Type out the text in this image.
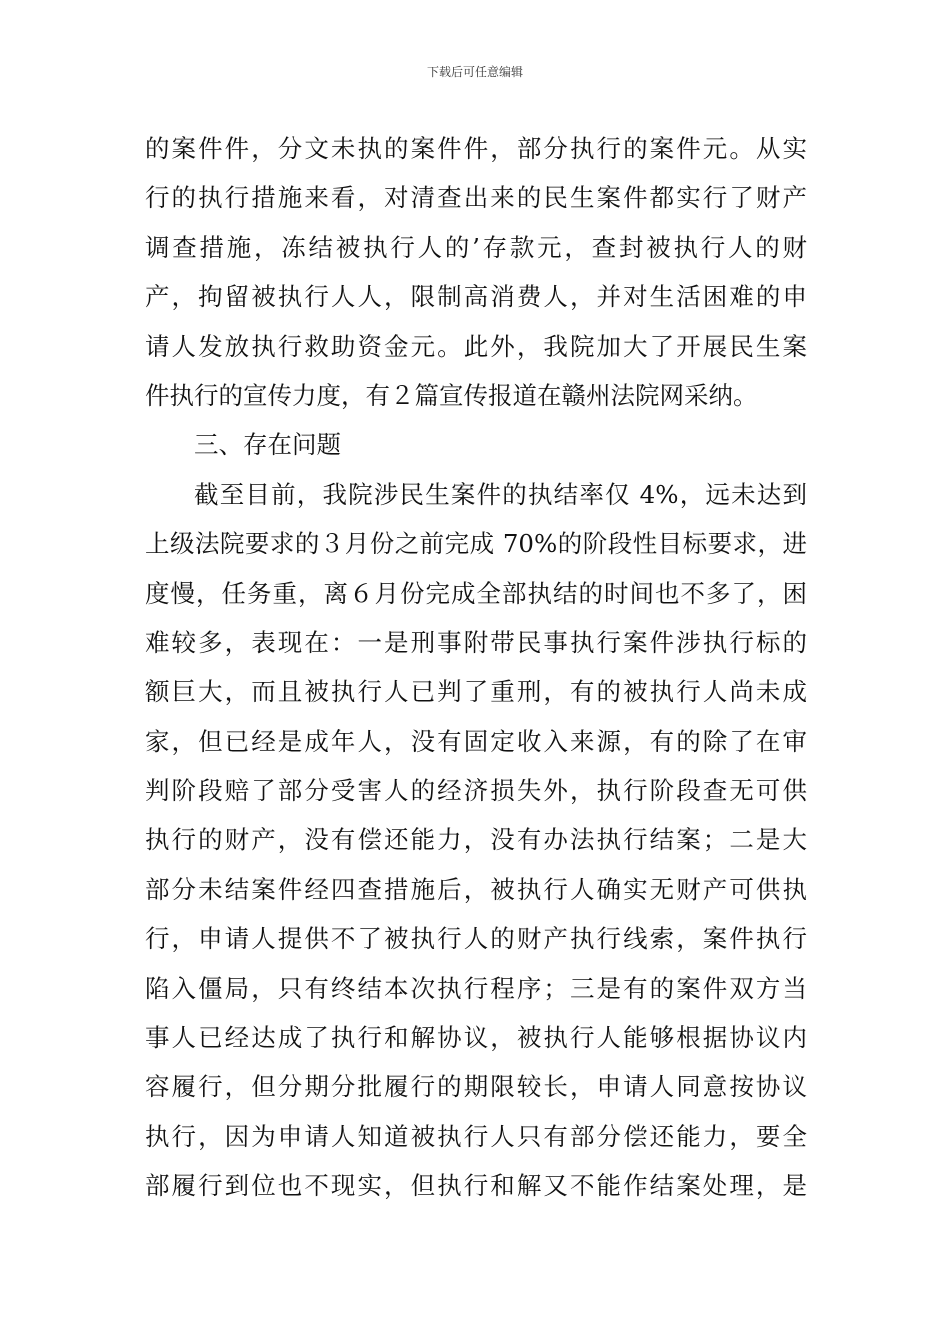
下载后可任意编辑
的案件件，分文未执的案件件，部分执行的案件元。从实
行的执行措施来看，对清查出来的民生案件都实行了财产
调查措施，冻结被执行人的’存款元，查封被执行人的财
产，拘留被执行人人，限制高消费人，并对生活困难的申
请人发放执行救助资金元。此外，我院加大了开展民生案
件执行的宣传力度，有２篇宣传报道在赣州法院网采纳。
三、存在问题
截至目前，我院涉民生案件的执结率仅 4%，远未达到
上级法院要求的３月份之前完成 70%的阶段性目标要求，进
度慢，任务重，离６月份完成全部执结的时间也不多了，困
难较多，表现在：一是刑事附带民事执行案件涉执行标的
额巨大，而且被执行人已判了重刑，有的被执行人尚未成
家，但已经是成年人，没有固定收入来源，有的除了在审
判阶段赔了部分受害人的经济损失外，执行阶段查无可供
执行的财产，没有偿还能力，没有办法执行结案；二是大
部分未结案件经四查措施后，被执行人确实无财产可供执
行，申请人提供不了被执行人的财产执行线索，案件执行
陷入僵局，只有终结本次执行程序；三是有的案件双方当
事人已经达成了执行和解协议，被执行人能够根据协议内
容履行，但分期分批履行的期限较长，申请人同意按协议
执行，因为申请人知道被执行人只有部分偿还能力，要全
部履行到位也不现实，但执行和解又不能作结案处理，是
